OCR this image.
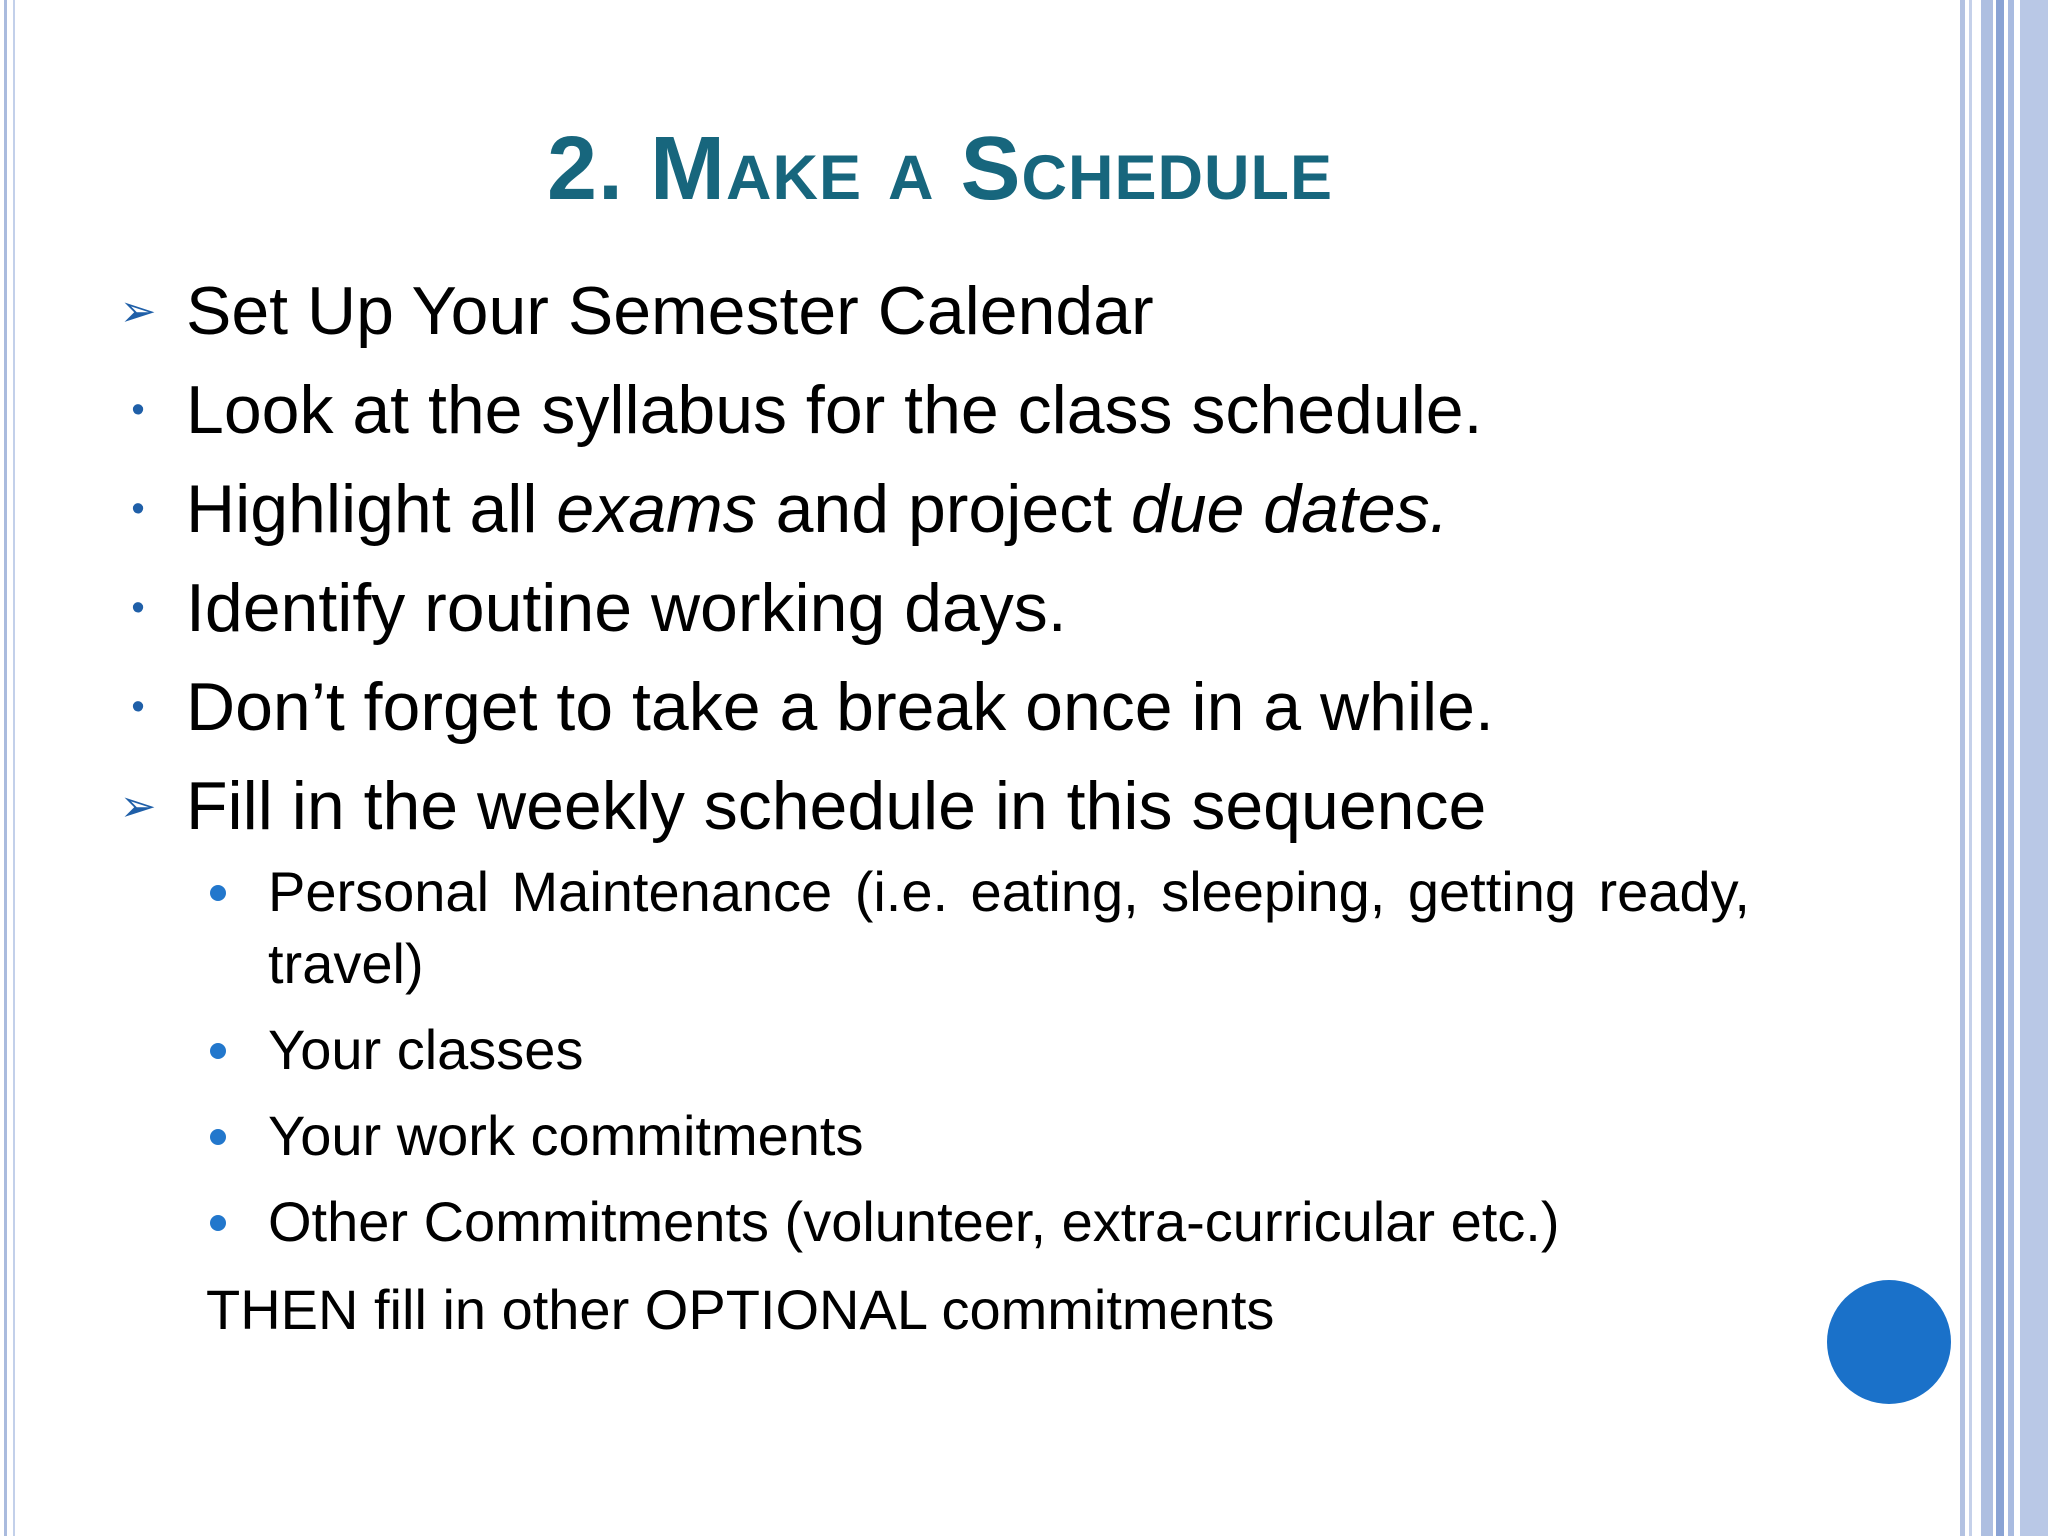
2. Make a Schedule
➢ Set Up Your Semester Calendar
• Look at the syllabus for the class schedule.
• Highlight all exams and project due dates.
• Identify routine working days.
• Don’t forget to take a break once in a while.
➢ Fill in the weekly schedule in this sequence
Personal Maintenance (i.e. eating, sleeping, getting ready, travel)
Your classes
Your work commitments
Other Commitments (volunteer, extra-curricular etc.)
THEN fill in other OPTIONAL commitments
